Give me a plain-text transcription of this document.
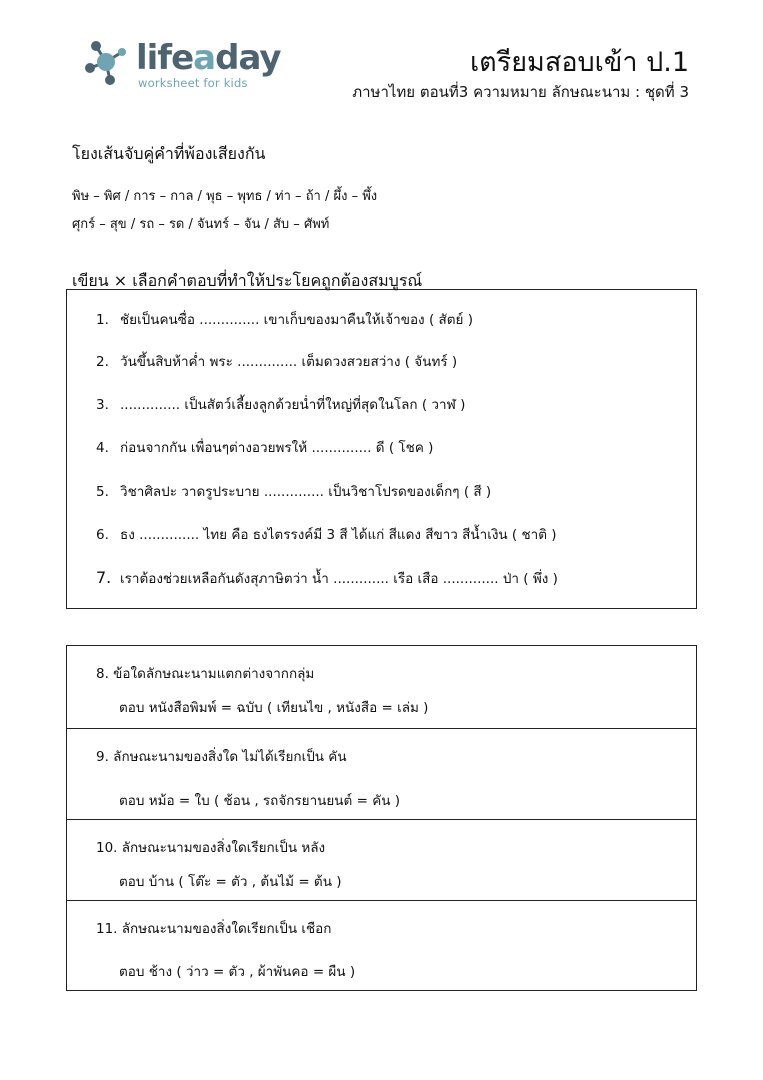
lifeaday
worksheet for kids
เตรียมสอบเข้า ป.1
ภาษาไทย ตอนที่3 ความหมาย ลักษณะนาม : ชุดที่ 3
โยงเส้นจับคู่คำที่พ้องเสียงกัน
พิษ – พิศ / การ – กาล / พุธ – พุทธ / ท่า – ถ้า / ผึ้ง – พึ้ง
ศุกร์ – สุข / รถ – รด / จันทร์ – จัน / สับ – ศัพท์
เขียน × เลือกคำตอบที่ทำให้ประโยคถูกต้องสมบูรณ์
1. ชัยเป็นคนซื่อ .............. เขาเก็บของมาคืนให้เจ้าของ ( สัตย์ )
2. วันขึ้นสิบห้าค่ำ พระ .............. เต็มดวงสวยสว่าง ( จันทร์ )
3. .............. เป็นสัตว์เลี้ยงลูกด้วยน่ำที่ใหญ่ที่สุดในโลก ( วาฬ )
4. ก่อนจากกัน เพื่อนๆต่างอวยพรให้ .............. ดี ( โชค )
5. วิชาศิลปะ วาดรูประบาย .............. เป็นวิชาโปรดของเด็กๆ ( สี )
6. ธง .............. ไทย คือ ธงไตรรงค์มี 3 สี ได้แก่ สีแดง สีขาว สีน้ำเงิน ( ชาติ )
7. เราต้องช่วยเหลือกันดังสุภาษิตว่า น้ำ ............. เรือ เสือ ............. ป่า ( พึ่ง )
8. ข้อใดลักษณะนามแตกต่างจากกลุ่ม
ตอบ หนังสือพิมพ์ = ฉบับ ( เทียนไข , หนังสือ = เล่ม )
9. ลักษณะนามของสิ่งใด ไม่ได้เรียกเป็น คัน
ตอบ หม้อ = ใบ ( ช้อน , รถจักรยานยนต์ = คัน )
10. ลักษณะนามของสิ่งใดเรียกเป็น หลัง
ตอบ บ้าน ( โต๊ะ = ตัว , ต้นไม้ = ต้น )
11. ลักษณะนามของสิ่งใดเรียกเป็น เชือก
ตอบ ช้าง ( ว่าว = ตัว , ผ้าพันคอ = ผืน )
